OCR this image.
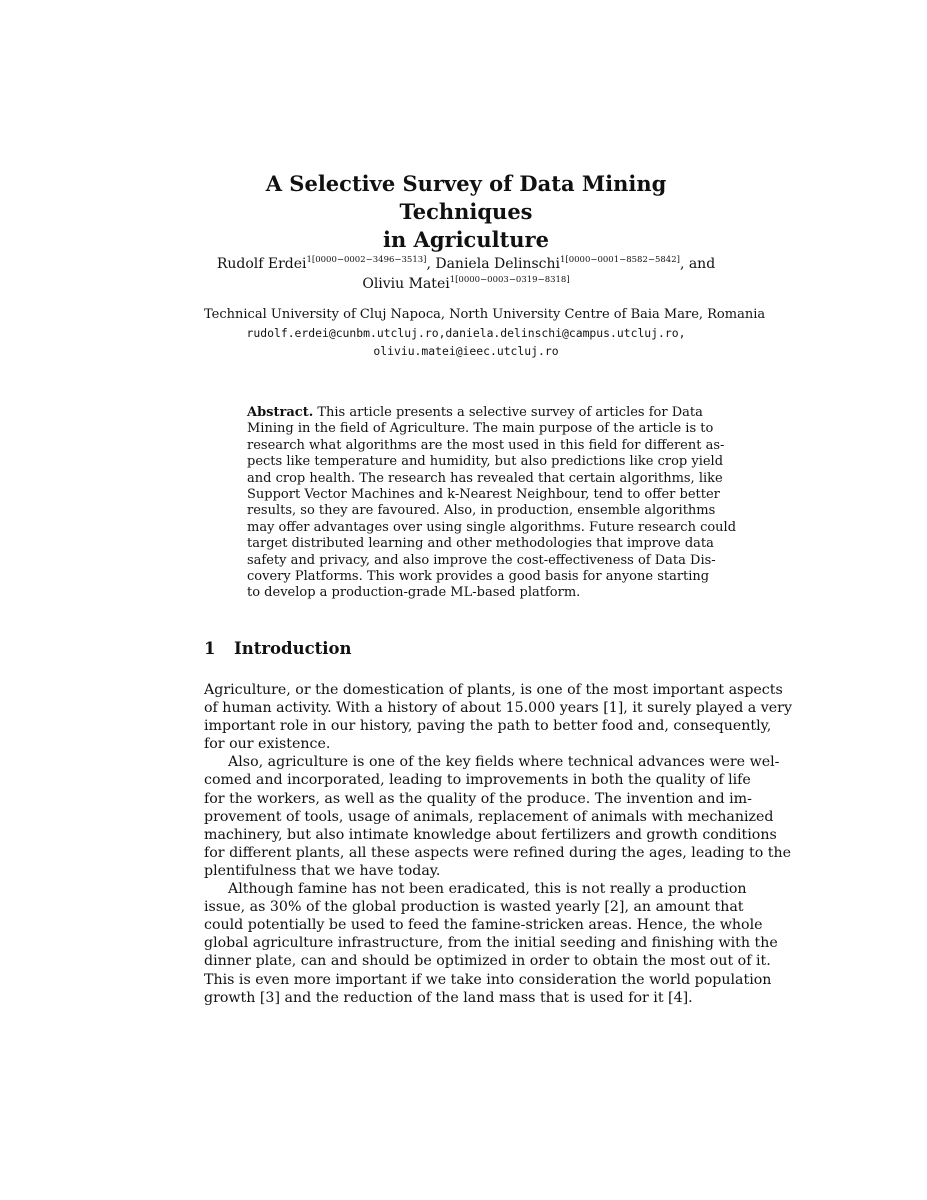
A Selective Survey of Data Mining Techniques
in Agriculture
Rudolf Erdei$^{1[0000-0002-3496-3513]}$, Daniela Delinschi$^{1[0000-0001-8582-5842]}$, and
Oliviu Matei$^{1[0000-0003-0319-8318]}$
Technical University of Cluj Napoca, North University Centre of Baia Mare, Romania
rudolf.erdei@cunbm.utcluj.ro,daniela.delinschi@campus.utcluj.ro,
oliviu.matei@ieec.utcluj.ro
Abstract. This article presents a selective survey of articles for Data
Mining in the field of Agriculture. The main purpose of the article is to
research what algorithms are the most used in this field for different as-
pects like temperature and humidity, but also predictions like crop yield
and crop health. The research has revealed that certain algorithms, like
Support Vector Machines and k-Nearest Neighbour, tend to offer better
results, so they are favoured. Also, in production, ensemble algorithms
may offer advantages over using single algorithms. Future research could
target distributed learning and other methodologies that improve data
safety and privacy, and also improve the cost-effectiveness of Data Dis-
covery Platforms. This work provides a good basis for anyone starting
to develop a production-grade ML-based platform.
1 Introduction
Agriculture, or the domestication of plants, is one of the most important aspects
of human activity. With a history of about 15.000 years [1], it surely played a very
important role in our history, paving the path to better food and, consequently,
for our existence.
Also, agriculture is one of the key fields where technical advances were wel-
comed and incorporated, leading to improvements in both the quality of life
for the workers, as well as the quality of the produce. The invention and im-
provement of tools, usage of animals, replacement of animals with mechanized
machinery, but also intimate knowledge about fertilizers and growth conditions
for different plants, all these aspects were refined during the ages, leading to the
plentifulness that we have today.
Although famine has not been eradicated, this is not really a production
issue, as 30% of the global production is wasted yearly [2], an amount that
could potentially be used to feed the famine-stricken areas. Hence, the whole
global agriculture infrastructure, from the initial seeding and finishing with the
dinner plate, can and should be optimized in order to obtain the most out of it.
This is even more important if we take into consideration the world population
growth [3] and the reduction of the land mass that is used for it [4].
